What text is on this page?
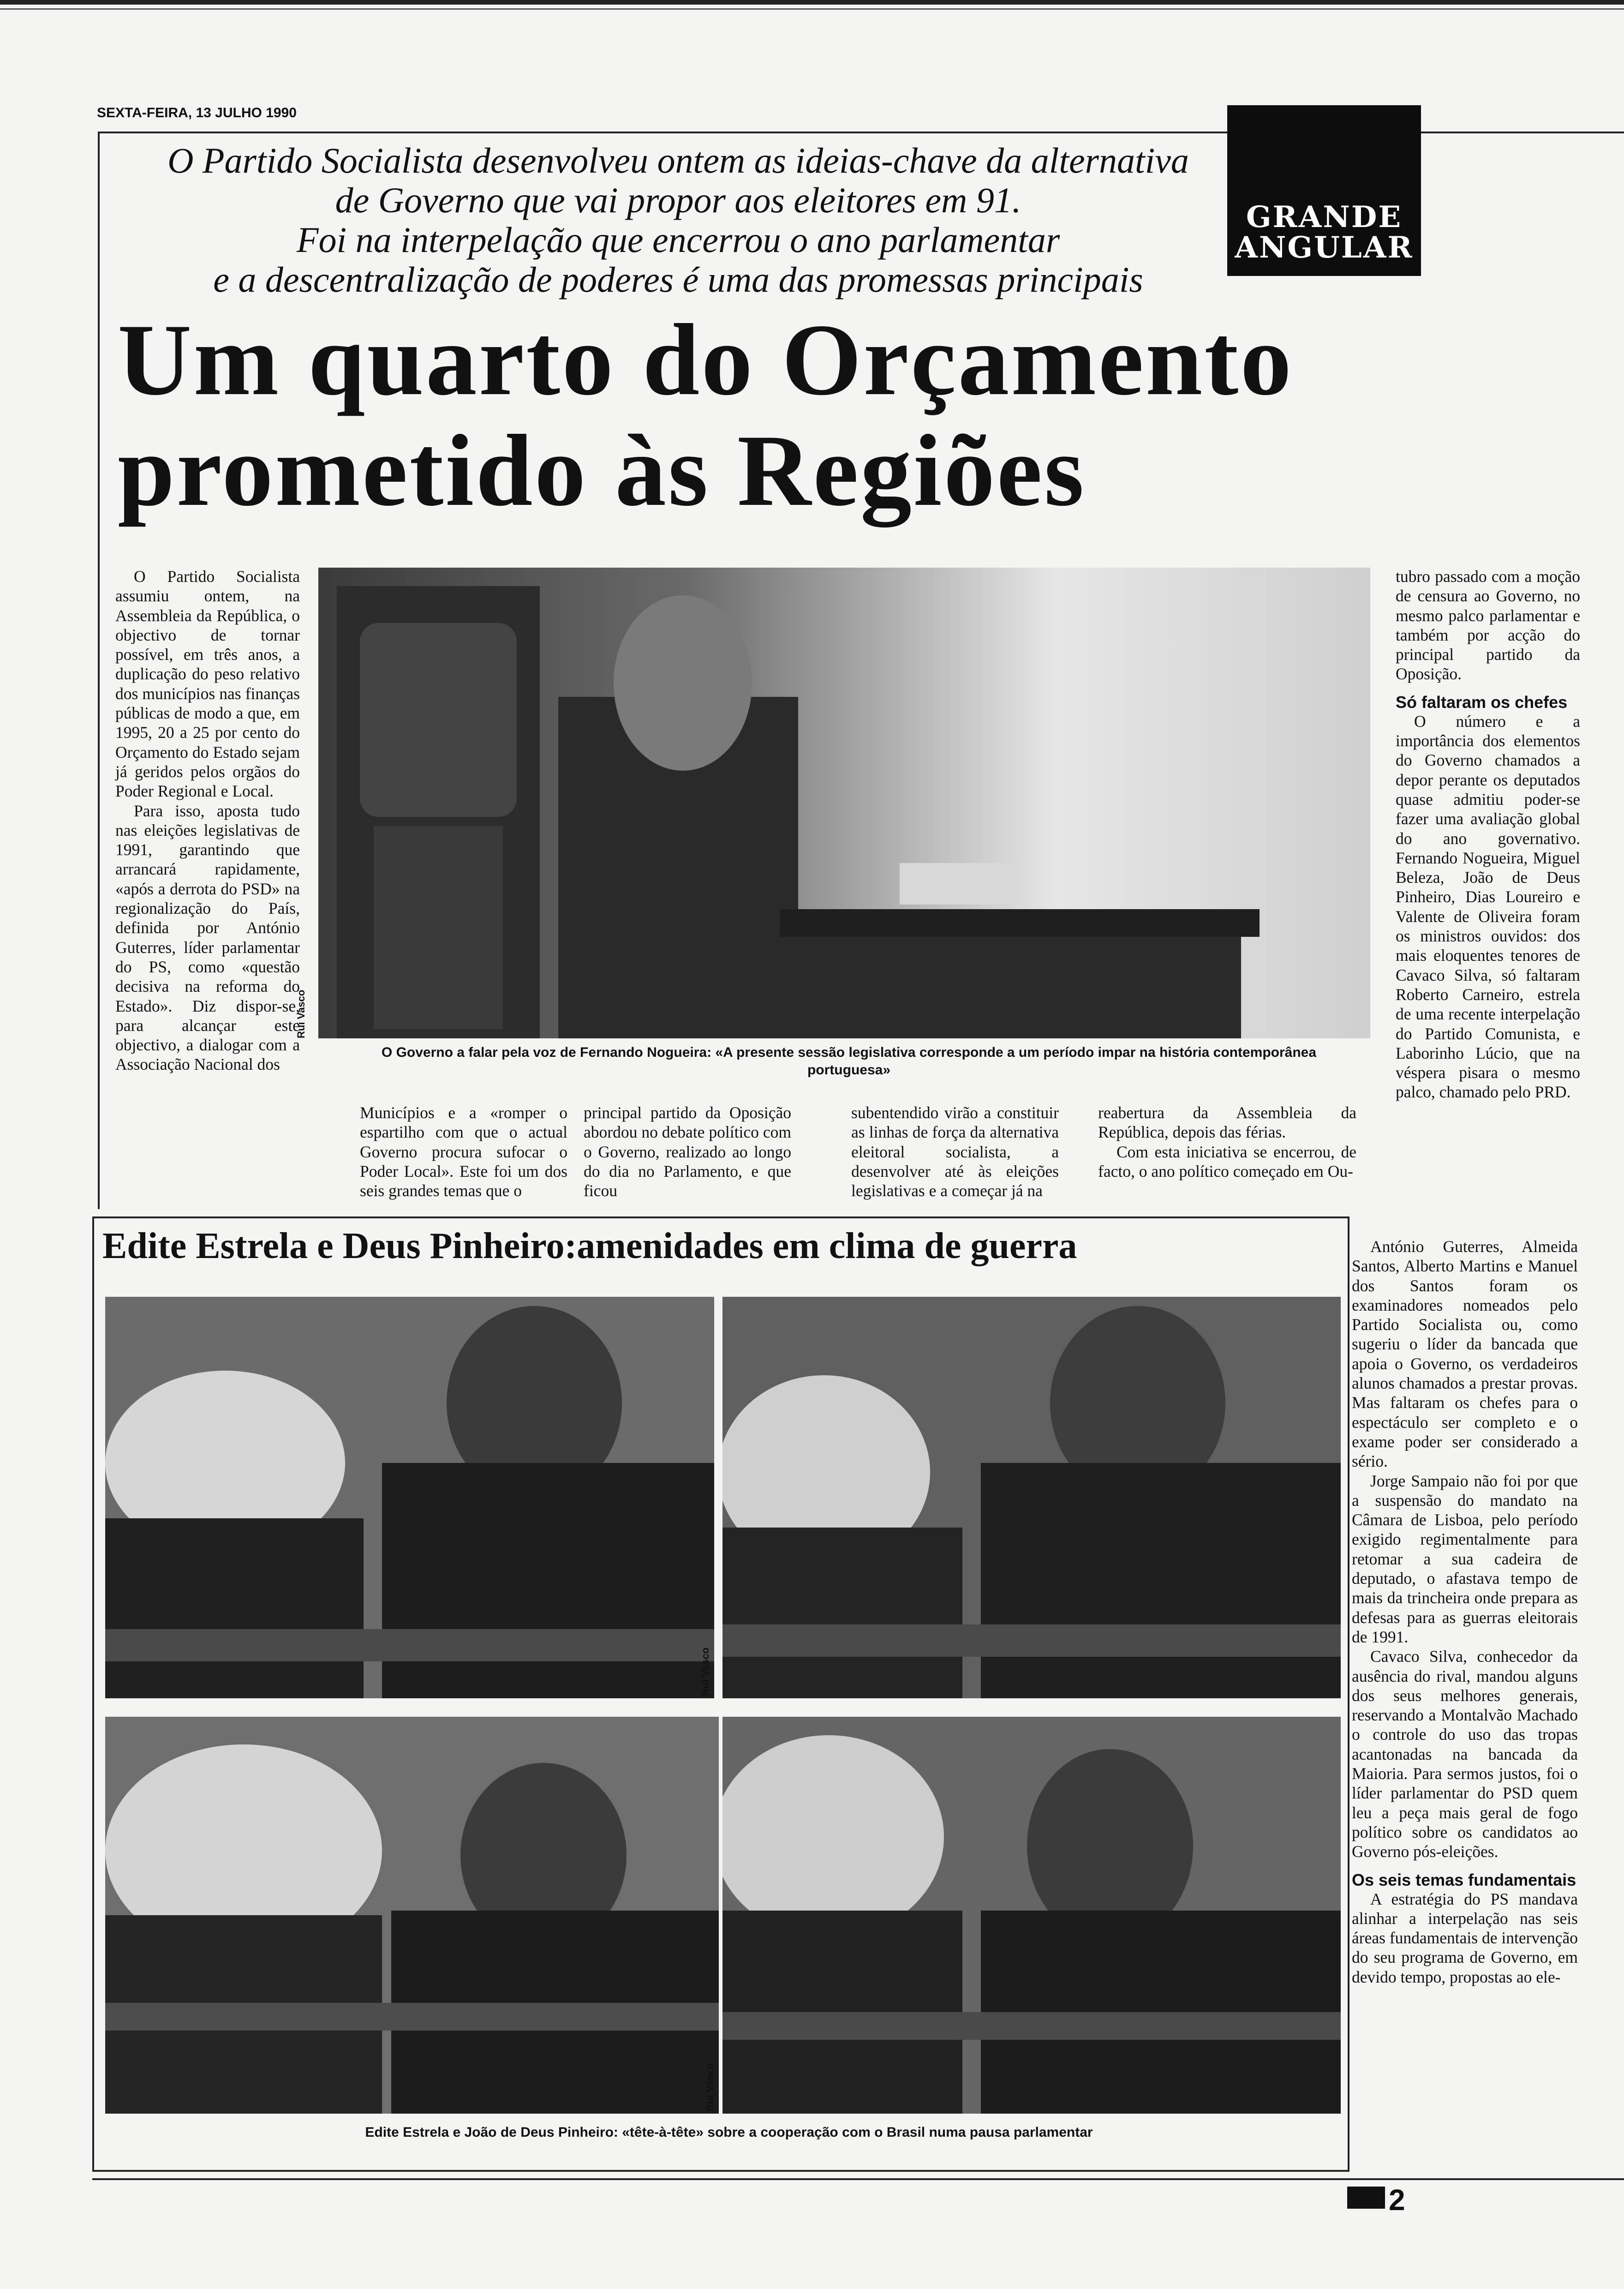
SEXTA-FEIRA, 13 JULHO 1990
O Partido Socialista desenvolveu ontem as ideias-chave da alternativa
de Governo que vai propor aos eleitores em 91.
Foi na interpelação que encerrou o ano parlamentar
e a descentralização de poderes é uma das promessas principais
GRANDE
ANGULAR
Um quarto do Orçamento
prometido às Regiões

O Partido Socialista assumiu ontem, na Assembleia da República, o objectivo de tornar possível, em três anos, a duplicação do peso relativo dos municípios nas finanças públicas de modo a que, em 1995, 20 a 25 por cento do Orçamento do Estado sejam já geridos pelos orgãos do Poder Regional e Local.

Para isso, aposta tudo nas eleições legislativas de 1991, garantindo que arrancará rapidamente, «após a derrota do PSD» na regionalização do País, definida por António Guterres, líder parlamentar do PS, como «questão decisiva na reforma do Estado». Diz dispor-se, para alcançar este objectivo, a dialogar com a Associação Nacional dos

Rui Vasco
O Governo a falar pela voz de Fernando Nogueira: «A presente sessão legislativa corresponde a um período impar na história contemporânea portuguesa»

Municípios e a «romper o espartilho com que o actual Governo procura sufocar o Poder Local». Este foi um dos seis grandes temas que o

principal partido da Oposição abordou no debate político com o Governo, realizado ao longo do dia no Parlamento, e que ficou

subentendido virão a constituir as linhas de força da alternativa eleitoral socialista, a desenvolver até às eleições legislativas e a começar já na

reabertura da Assembleia da República, depois das férias.

Com esta iniciativa se encerrou, de facto, o ano político começado em Ou-

tubro passado com a moção de censura ao Governo, no mesmo palco parlamentar e também por acção do principal partido da Oposição.

Só faltaram os chefes

O número e a importância dos elementos do Governo chamados a depor perante os deputados quase admitiu poder-se fazer uma avaliação global do ano governativo. Fernando Nogueira, Miguel Beleza, João de Deus Pinheiro, Dias Loureiro e Valente de Oliveira foram os ministros ouvidos: dos mais eloquentes tenores de Cavaco Silva, só faltaram Roberto Carneiro, estrela de uma recente interpelação do Partido Comunista, e Laborinho Lúcio, que na véspera pisara o mesmo palco, chamado pelo PRD.

António Guterres, Almeida Santos, Alberto Martins e Manuel dos Santos foram os examinadores nomeados pelo Partido Socialista ou, como sugeriu o líder da bancada que apoia o Governo, os verdadeiros alunos chamados a prestar provas. Mas faltaram os chefes para o espectáculo ser completo e o exame poder ser considerado a sério.

Jorge Sampaio não foi por que a suspensão do mandato na Câmara de Lisboa, pelo período exigido regimentalmente para retomar a sua cadeira de deputado, o afastava tempo de mais da trincheira onde prepara as defesas para as guerras eleitorais de 1991.

Cavaco Silva, conhecedor da ausência do rival, mandou alguns dos seus melhores generais, reservando a Montalvão Machado o controle do uso das tropas acantonadas na bancada da Maioria. Para sermos justos, foi o líder parlamentar do PSD quem leu a peça mais geral de fogo político sobre os candidatos ao Governo pós-eleições.

Os seis temas fundamentais

A estratégia do PS mandava alinhar a interpelação nas seis áreas fundamentais de intervenção do seu programa de Governo, em devido tempo, propostas ao ele-

Edite Estrela e Deus Pinheiro:amenidades em clima de guerra
Rui Vasco
Rui Vasco
Edite Estrela e João de Deus Pinheiro: «tête-à-tête» sobre a cooperação com o Brasil numa pausa parlamentar
2
